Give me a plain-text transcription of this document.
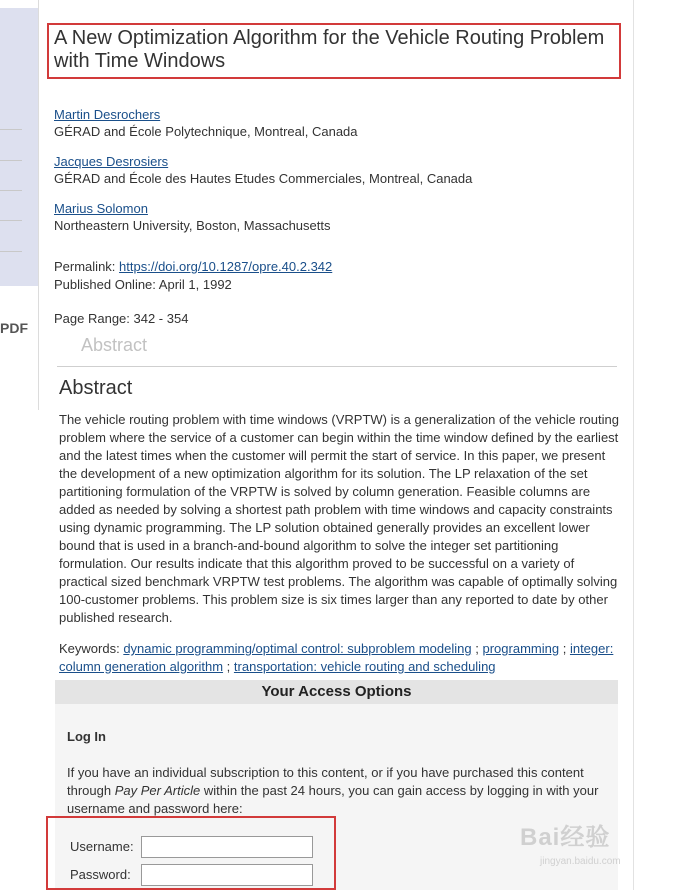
PDF
A New Optimization Algorithm for the Vehicle Routing Problem with Time Windows
Martin Desrochers
GÉRAD and École Polytechnique, Montreal, Canada
Jacques Desrosiers
GÉRAD and École des Hautes Etudes Commerciales, Montreal, Canada
Marius Solomon
Northeastern University, Boston, Massachusetts
Permalink: https://doi.org/10.1287/opre.40.2.342
Published Online: April 1, 1992
Page Range: 342 - 354
Abstract
Abstract

The vehicle routing problem with time windows (VRPTW) is a generalization of the vehicle routing problem where the service of a customer can begin within the time window defined by the earliest and the latest times when the customer will permit the start of service. In this paper, we present the development of a new optimization algorithm for its solution. The LP relaxation of the set partitioning formulation of the VRPTW is solved by column generation. Feasible columns are added as needed by solving a shortest path problem with time windows and capacity constraints using dynamic programming. The LP solution obtained generally provides an excellent lower bound that is used in a branch-and-bound algorithm to solve the integer set partitioning formulation. Our results indicate that this algorithm proved to be successful on a variety of practical sized benchmark VRPTW test problems. The algorithm was capable of optimally solving 100-customer problems. This problem size is six times larger than any reported to date by other published research.

Keywords: dynamic programming/optimal control: subproblem modeling ; programming ; integer: column generation algorithm ; transportation: vehicle routing and scheduling
Your Access Options
Log In
If you have an individual subscription to this content, or if you have purchased this content through Pay Per Article within the past 24 hours, you can gain access by logging in with your username and password here:
Username:
Password:
Bai经验
jingyan.baidu.com
